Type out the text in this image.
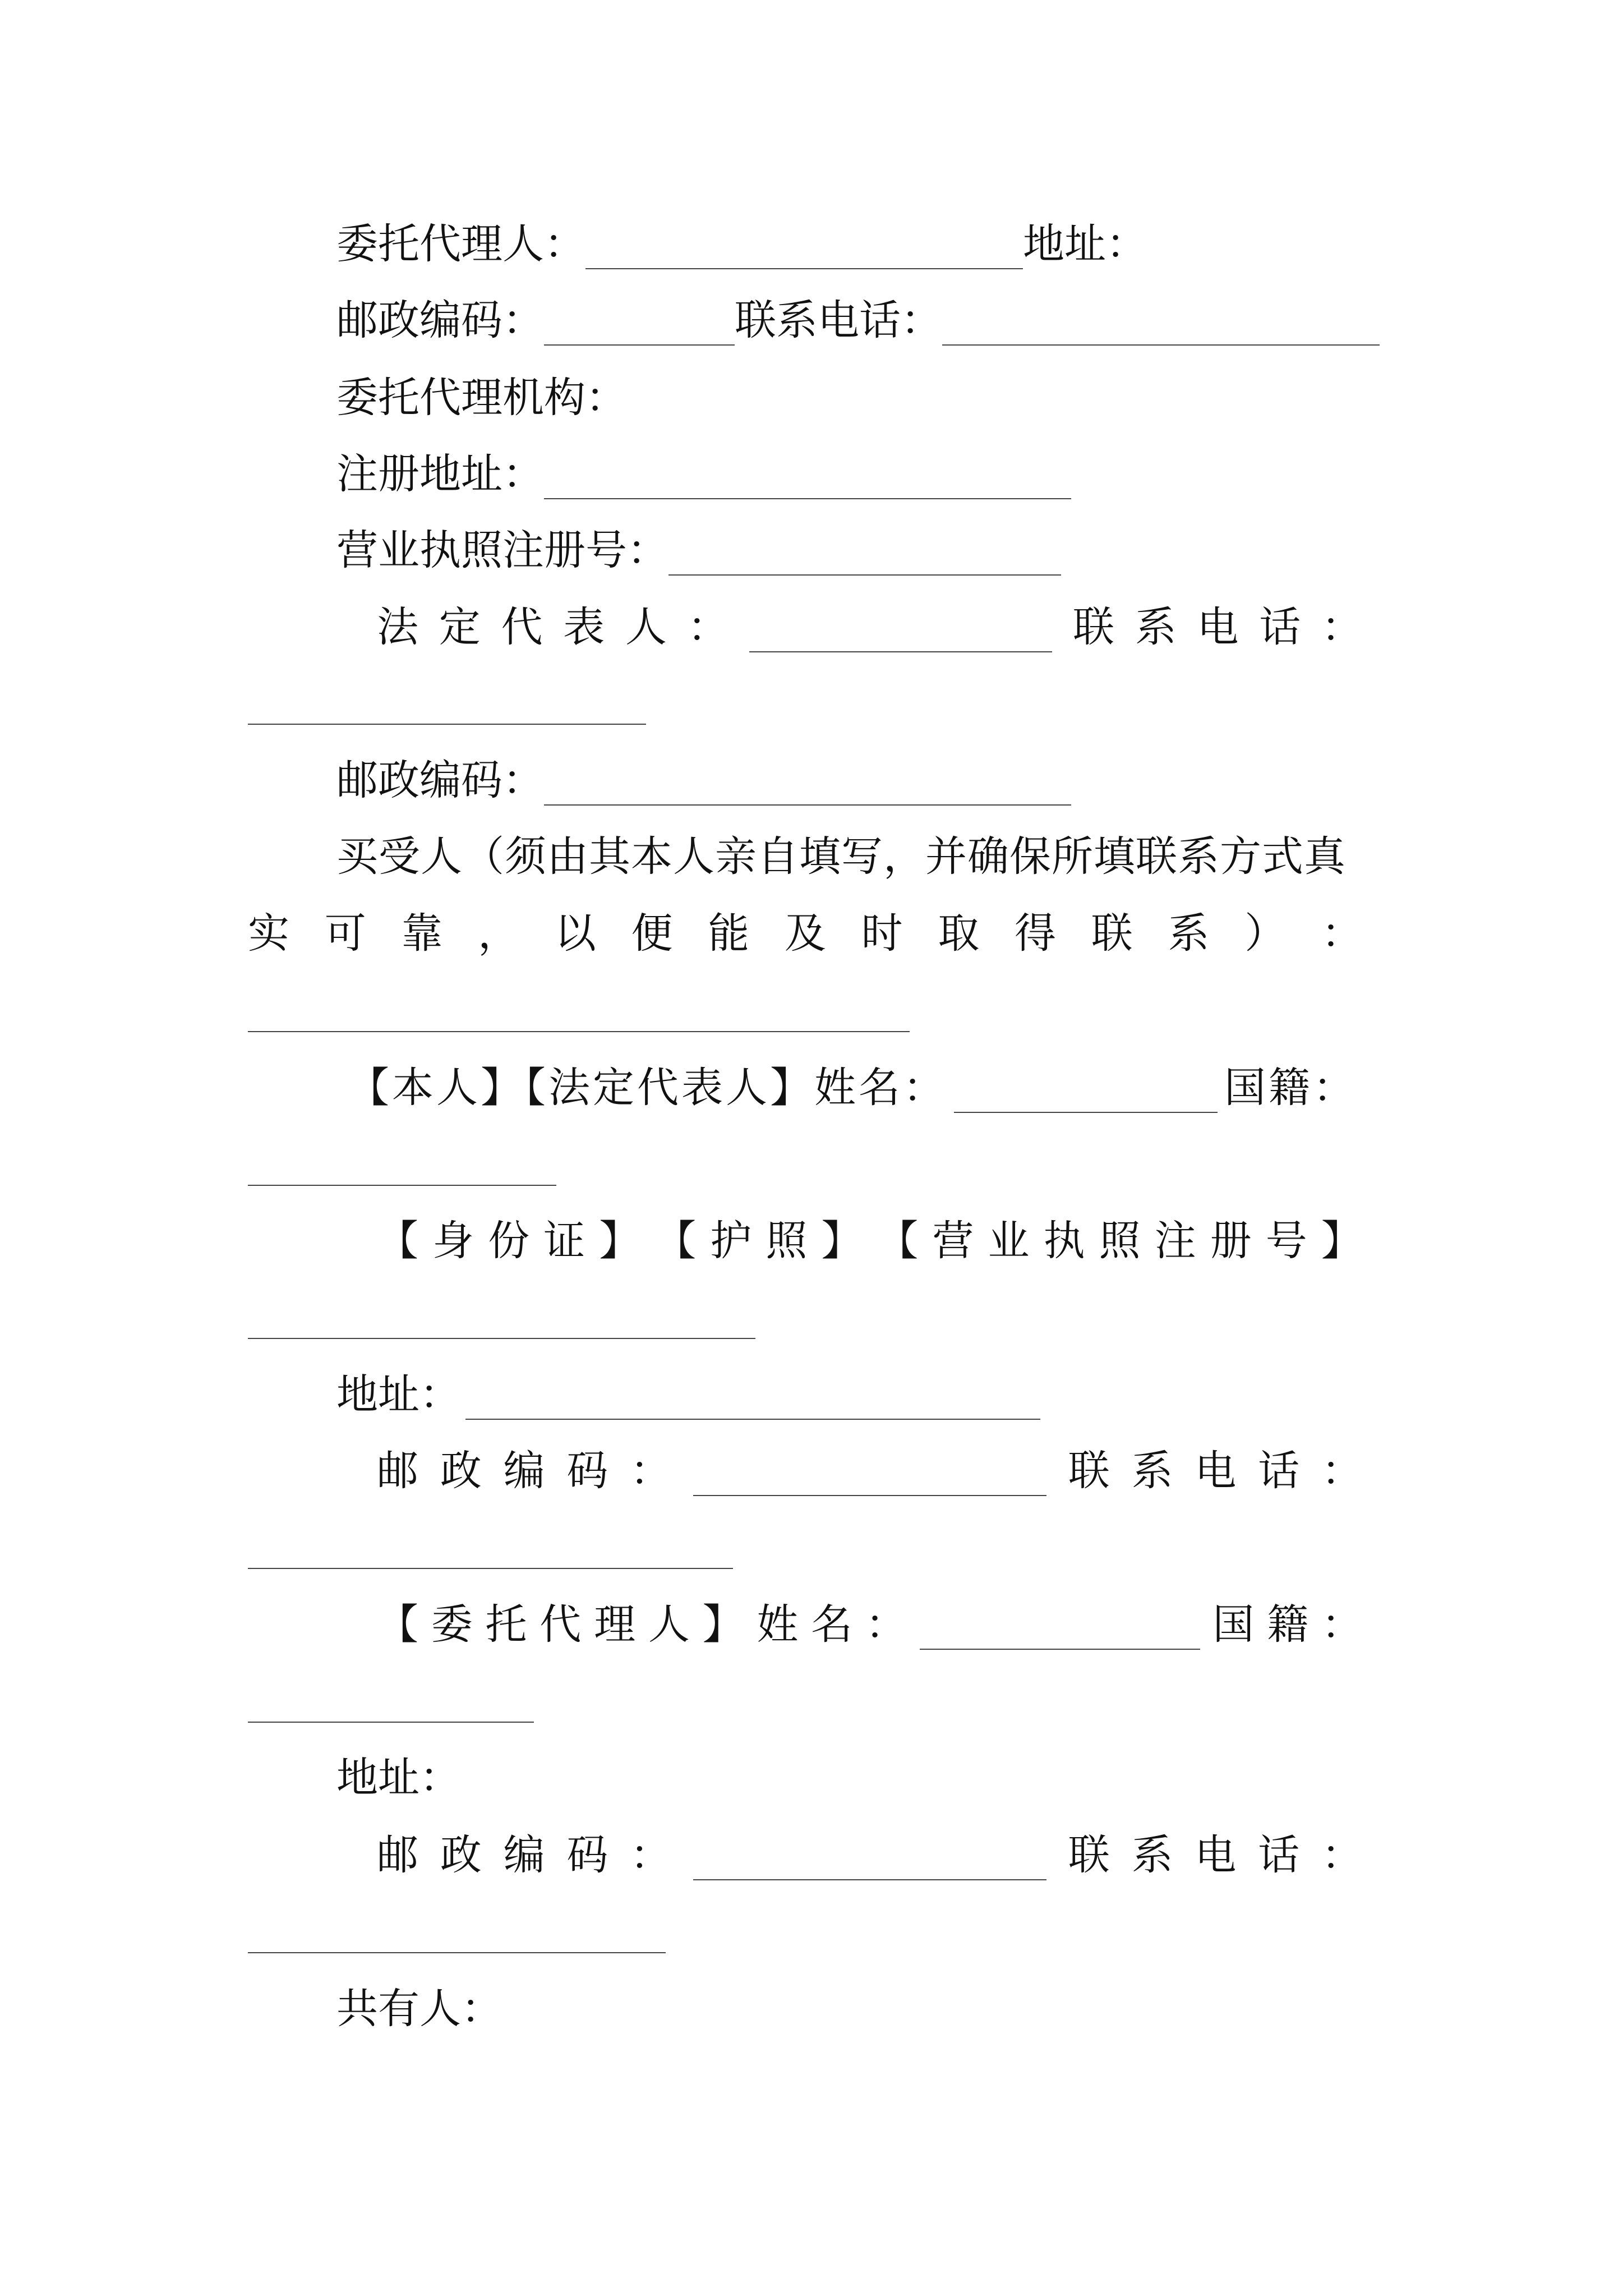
委托代理人：	地址：
邮政编码：	联系电话：
委托代理机构：
注册地址：
营业执照注册号：
法 定 代 表 人 ：	联 系 电 话 ：
邮政编码：
买受人（须由其本人亲自填写，并确保所填联系方式真
实 可 靠 ， 以 便 能 及 时 取 得 联 系 ） ：
【本人】【法定代表人】姓名：	国籍：
【 身 份 证 】 【 护 照 】 【 营 业 执 照 注 册 号 】
地址：
邮 政 编 码 ：	联 系 电 话 ：
【 委 托 代 理 人 】 姓 名 ：	国 籍 ：
地址：
邮 政 编 码 ：	联 系 电 话 ：
共有人：
